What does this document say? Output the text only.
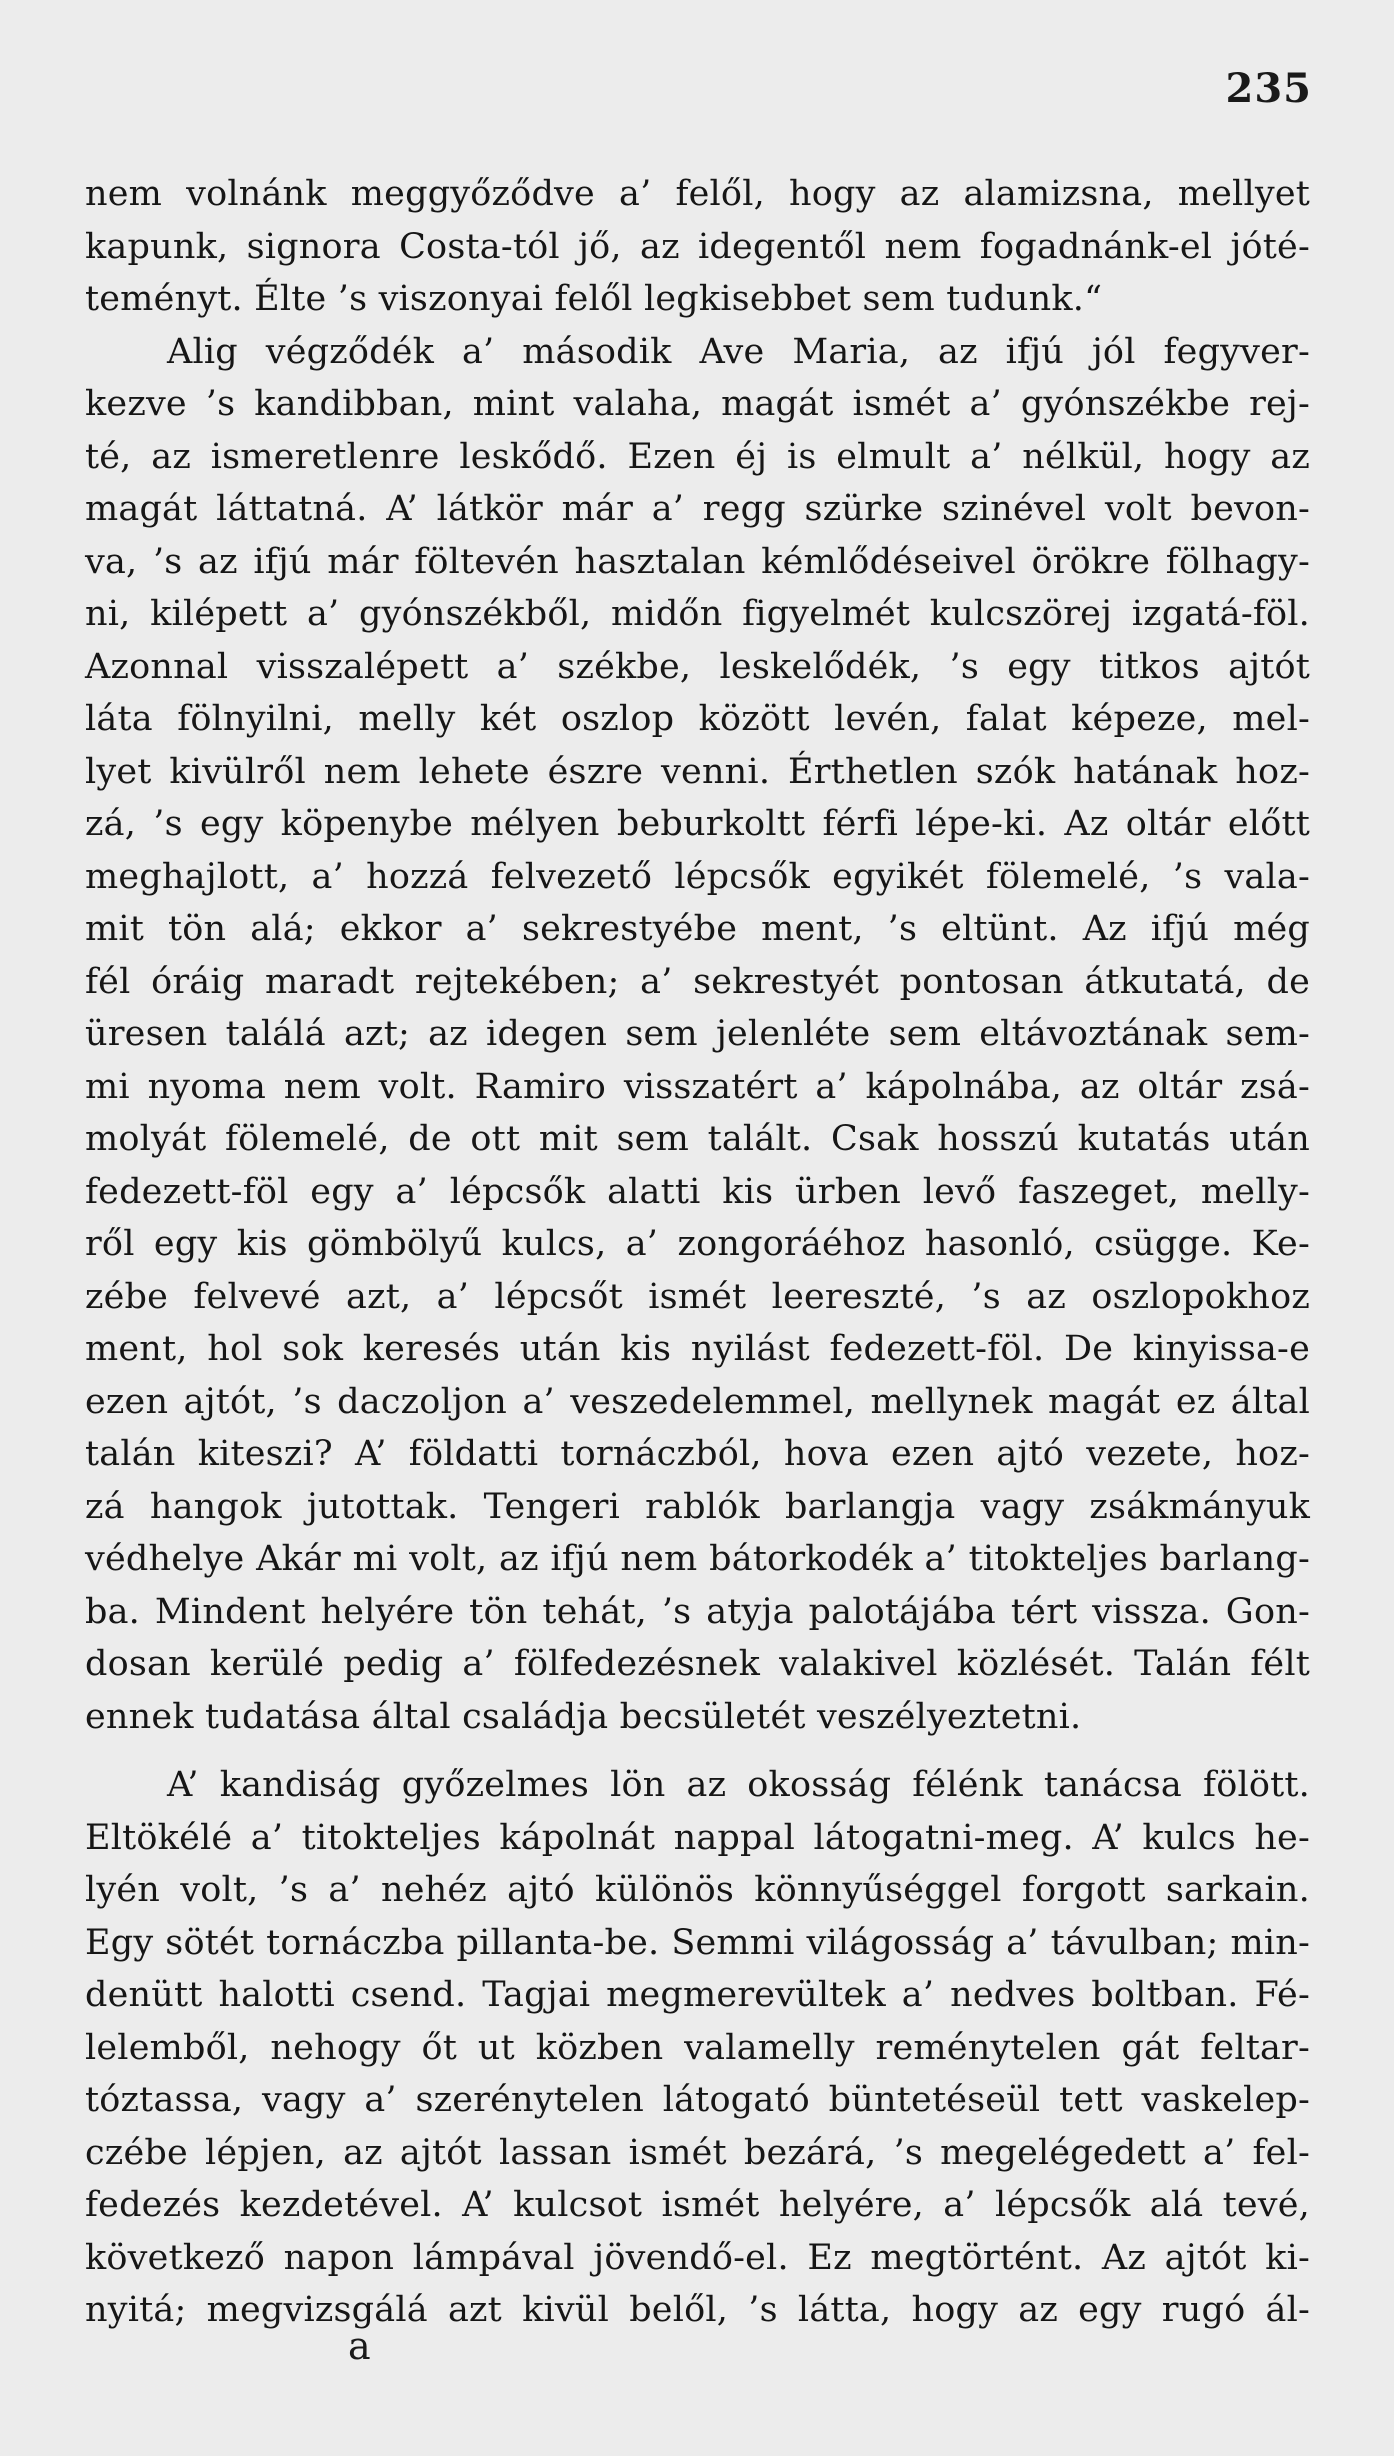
235

nem volnánk meggyőződve a’ felől, hogy az alamizsna, mellyet
kapunk, signora Costa-tól jő, az idegentől nem fogadnánk-el jóté-
teményt. Élte ’s viszonyai felől legkisebbet sem tudunk.“

Alig végződék a’ második Ave Maria, az ifjú jól fegyver-
kezve ’s kandibban, mint valaha, magát ismét a’ gyónszékbe rej-
té, az ismeretlenre leskődő. Ezen éj is elmult a’ nélkül, hogy az
magát láttatná. A’ látkör már a’ regg szürke szinével volt bevon-
va, ’s az ifjú már föltevén hasztalan kémlődéseivel örökre fölhagy-
ni, kilépett a’ gyónszékből, midőn figyelmét kulcszörej izgatá-föl.
Azonnal visszalépett a’ székbe, leskelődék, ’s egy titkos ajtót
láta fölnyilni, melly két oszlop között levén, falat képeze, mel-
lyet kivülről nem lehete észre venni. Érthetlen szók hatának hoz-
zá, ’s egy köpenybe mélyen beburkoltt férfi lépe-ki. Az oltár előtt
meghajlott, a’ hozzá felvezető lépcsők egyikét fölemelé, ’s vala-
mit tön alá; ekkor a’ sekrestyébe ment, ’s eltünt. Az ifjú még
fél óráig maradt rejtekében; a’ sekrestyét pontosan átkutatá, de
üresen találá azt; az idegen sem jelenléte sem eltávoztának sem-
mi nyoma nem volt. Ramiro visszatért a’ kápolnába, az oltár zsá-
molyát fölemelé, de ott mit sem talált. Csak hosszú kutatás után
fedezett-föl egy a’ lépcsők alatti kis ürben levő faszeget, melly-
ről egy kis gömbölyű kulcs, a’ zongoráéhoz hasonló, csügge. Ke-
zébe felvevé azt, a’ lépcsőt ismét leereszté, ’s az oszlopokhoz
ment, hol sok keresés után kis nyilást fedezett-föl. De kinyissa-e
ezen ajtót, ’s daczoljon a’ veszedelemmel, mellynek magát ez által
talán kiteszi? A’ földatti tornáczból, hova ezen ajtó vezete, hoz-
zá hangok jutottak. Tengeri rablók barlangja vagy zsákmányuk
védhelye Akár mi volt, az ifjú nem bátorkodék a’ titokteljes barlang-
ba. Mindent helyére tön tehát, ’s atyja palotájába tért vissza. Gon-
dosan kerülé pedig a’ fölfedezésnek valakivel közlését. Talán félt
ennek tudatása által családja becsületét veszélyeztetni.

A’ kandiság győzelmes lön az okosság félénk tanácsa fölött.
Eltökélé a’ titokteljes kápolnát nappal látogatni-meg. A’ kulcs he-
lyén volt, ’s a’ nehéz ajtó különös könnyűséggel forgott sarkain.
Egy sötét tornáczba pillanta-be. Semmi világosság a’ távulban; min-
denütt halotti csend. Tagjai megmerevültek a’ nedves boltban. Fé-
lelemből, nehogy őt ut közben valamelly reménytelen gát feltar-
tóztassa, vagy a’ szerénytelen látogató büntetéseül tett vaskelep-
czébe lépjen, az ajtót lassan ismét bezárá, ’s megelégedett a’ fel-
fedezés kezdetével. A’ kulcsot ismét helyére, a’ lépcsők alá tevé,
következő napon lámpával jövendő-el. Ez megtörtént. Az ajtót ki-
nyitá; megvizsgálá azt kivül belől, ’s látta, hogy az egy rugó ál-

a
